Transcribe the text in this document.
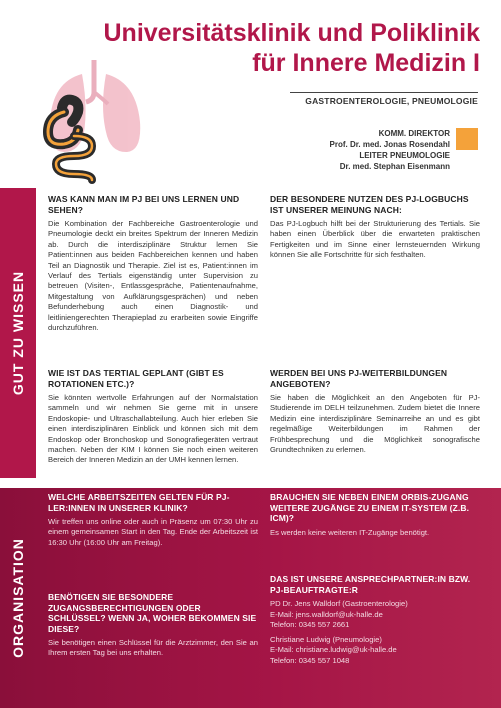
Universitätsklinik und Poliklinik
für Innere Medizin I
GASTROENTEROLOGIE, PNEUMOLOGIE
KOMM. DIREKTOR
Prof. Dr. med. Jonas Rosendahl
LEITER PNEUMOLOGIE
Dr. med. Stephan Eisenmann
GUT ZU WISSEN
WAS KANN MAN IM PJ BEI UNS LERNEN UND SEHEN?

Die Kombination der Fachbereiche Gastroenterologie und Pneumologie deckt ein breites Spektrum der Inneren Medizin ab. Durch die interdisziplinäre Struktur lernen Sie Patient:innen aus beiden Fachbereichen kennen und haben Teil an Diagnostik und Therapie. Ziel ist es, Patient:innen im Verlauf des Tertials eigenständig unter Supervision zu betreuen (Visiten-, Entlassgespräche, Patientenaufnahme, Mitgestaltung von Aufklärungsgesprächen) und neben Befunderhebung auch einen Diagnostik- und leitliniengerechten Therapieplad zu erarbeiten sowie Eingriffe durchzuführen.

WIE IST DAS TERTIAL GEPLANT (GIBT ES ROTATIONEN ETC.)?

Sie könnten wertvolle Erfahrungen auf der Normalstation sammeln und wir nehmen Sie gerne mit in unsere Endoskopie- und Ultraschallabteilung. Auch hier erleben Sie einen interdisziplinären Einblick und können sich mit dem Endoskop oder Bronchoskop und Sonografiegeräten vertraut machen. Neben der KIM I können Sie noch einen weiteren Bereich der Inneren Medizin an der UMH kennen lernen.

DER BESONDERE NUTZEN DES PJ-LOGBUCHS IST UNSERER MEINUNG NACH:

Das PJ-Logbuch hilft bei der Strukturierung des Tertials. Sie haben einen Überblick über die erwarteten praktischen Fertigkeiten und im Sinne einer lernsteuernden Wirkung können Sie alle Fortschritte für sich festhalten.

WERDEN BEI UNS PJ-WEITERBILDUNGEN ANGEBOTEN?

Sie haben die Möglichkeit an den Angeboten für PJ-Studierende im DELH teilzunehmen. Zudem bietet die Innere Medizin eine interdisziplinäre Seminarreihe an und es gibt regelmäßige Weiterbildungen im Rahmen der Frühbesprechung und die Möglichkeit sonografische Grundtechniken zu erlernen.

ORGANISATION
WELCHE ARBEITSZEITEN GELTEN FÜR PJ-LER:INNEN IN UNSERER KLINIK?

Wir treffen uns online oder auch in Präsenz um 07:30 Uhr zu einem gemeinsamen Start in den Tag. Ende der Arbeitszeit ist 16:30 Uhr (16:00 Uhr am Freitag).

BENÖTIGEN SIE BESONDERE ZUGANGSBERECHTIGUNGEN ODER SCHLÜSSEL? WENN JA, WOHER BEKOMMEN SIE DIESE?

Sie benötigen einen Schlüssel für die Arztzimmer, den Sie an Ihrem ersten Tag bei uns erhalten.

BRAUCHEN SIE NEBEN EINEM ORBIS-ZUGANG WEITERE ZUGÄNGE ZU EINEM IT-SYSTEM (Z.B. ICM)?

Es werden keine weiteren IT-Zugänge benötigt.

DAS IST UNSERE ANSPRECHPARTNER:IN BZW. PJ-BEAUFTRAGTE:R

PD Dr. Jens Walldorf (Gastroenterologie)

E-Mail: jens.walldorf@uk-halle.de

Telefon: 0345 557 2661

Christiane Ludwig (Pneumologie)

E-Mail: christiane.ludwig@uk-halle.de

Telefon: 0345 557 1048
